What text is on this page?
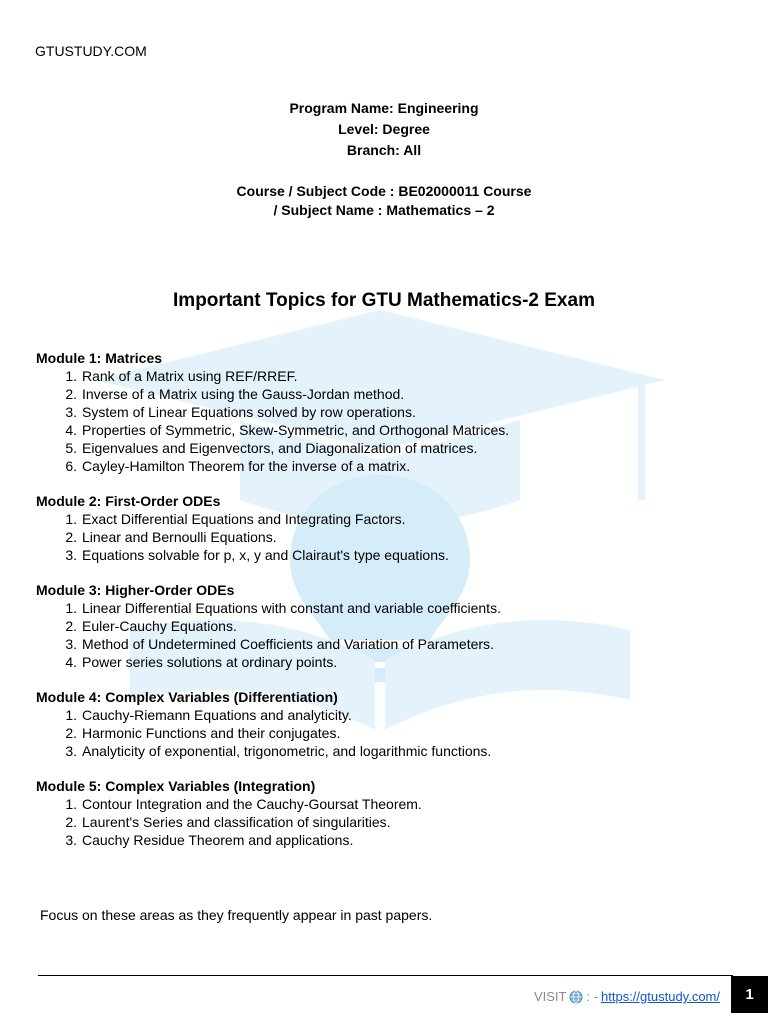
GTUSTUDY.COM
Program Name: Engineering
Level: Degree
Branch: All
Course / Subject Code : BE02000011 Course
/ Subject Name : Mathematics – 2
Important Topics for GTU Mathematics-2 Exam
Module 1: Matrices
1. Rank of a Matrix using REF/RREF.
2. Inverse of a Matrix using the Gauss-Jordan method.
3. System of Linear Equations solved by row operations.
4. Properties of Symmetric, Skew-Symmetric, and Orthogonal Matrices.
5. Eigenvalues and Eigenvectors, and Diagonalization of matrices.
6. Cayley-Hamilton Theorem for the inverse of a matrix.
Module 2: First-Order ODEs
1. Exact Differential Equations and Integrating Factors.
2. Linear and Bernoulli Equations.
3. Equations solvable for p, x, y and Clairaut's type equations.
Module 3: Higher-Order ODEs
1. Linear Differential Equations with constant and variable coefficients.
2. Euler-Cauchy Equations.
3. Method of Undetermined Coefficients and Variation of Parameters.
4. Power series solutions at ordinary points.
Module 4: Complex Variables (Differentiation)
1. Cauchy-Riemann Equations and analyticity.
2. Harmonic Functions and their conjugates.
3. Analyticity of exponential, trigonometric, and logarithmic functions.
Module 5: Complex Variables (Integration)
1. Contour Integration and the Cauchy-Goursat Theorem.
2. Laurent's Series and classification of singularities.
3. Cauchy Residue Theorem and applications.
Focus on these areas as they frequently appear in past papers.
VISIT : - https://gtustudy.com/	1
